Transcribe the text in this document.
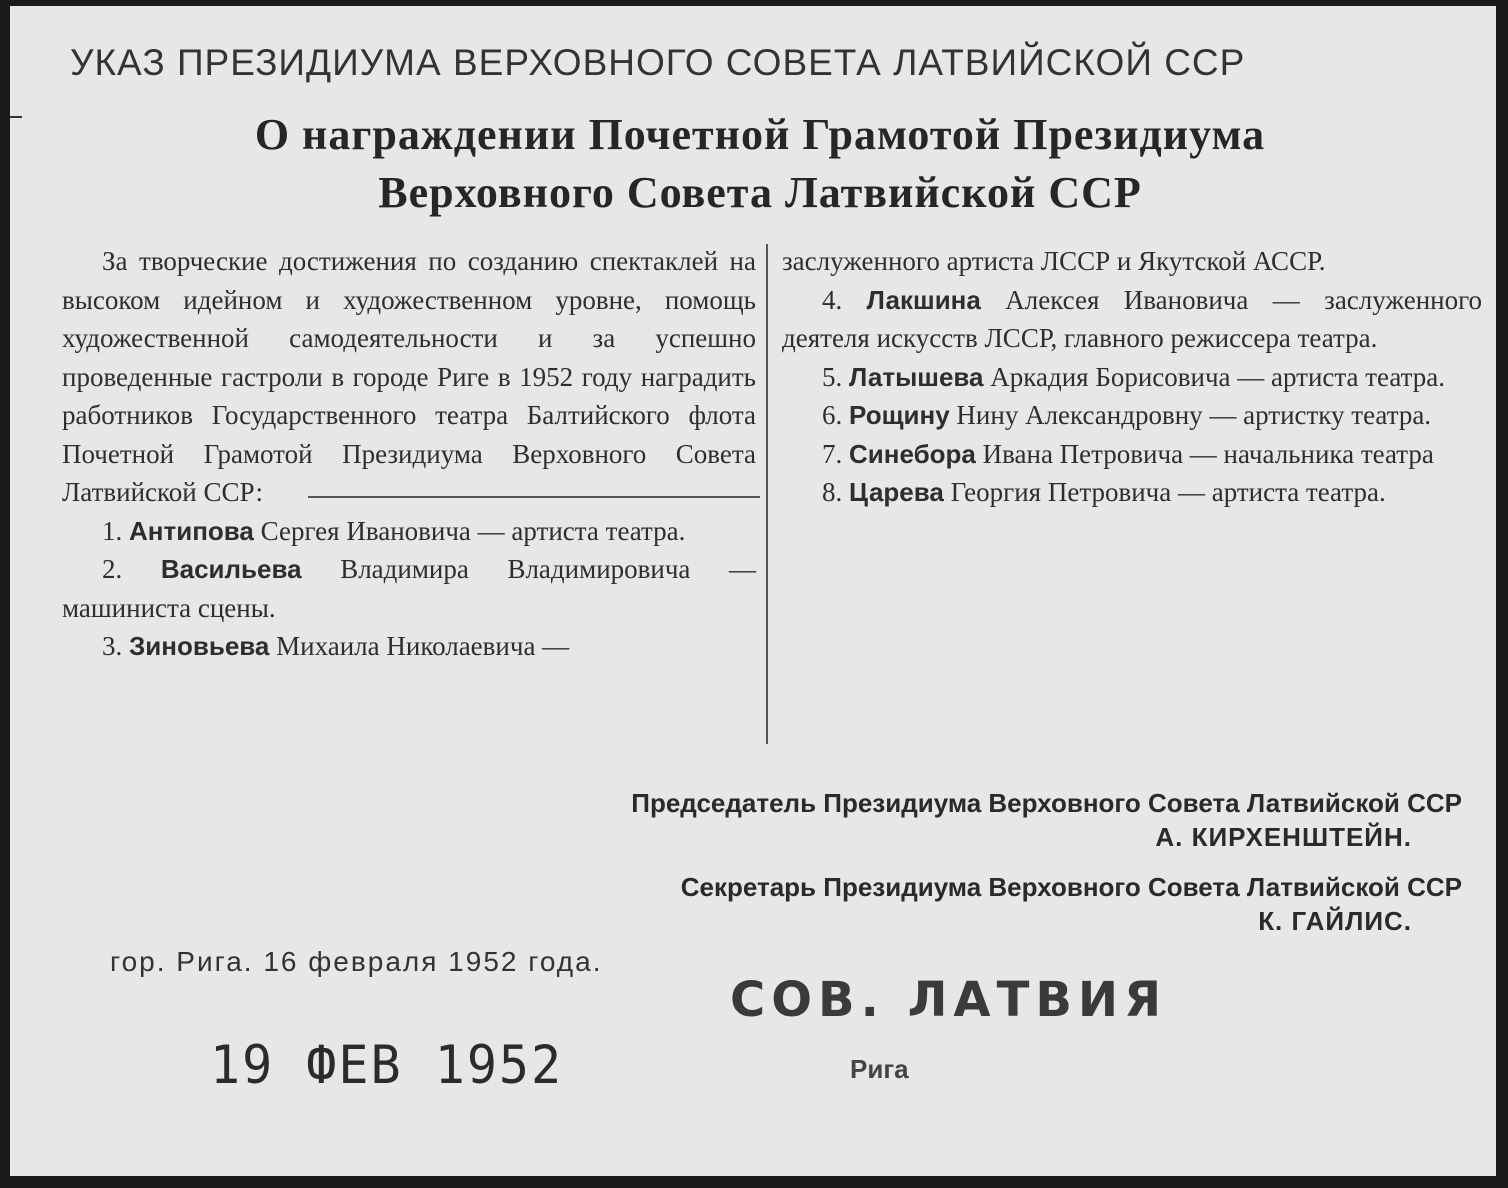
УКАЗ ПРЕЗИДИУМА ВЕРХОВНОГО СОВЕТА ЛАТВИЙСКОЙ ССР
О награждении Почетной Грамотой Президиума
Верховного Совета Латвийской ССР

За творческие достижения по созданию спектаклей на высоком идейном и художественном уровне, помощь художественной самодеятельности и за успешно проведенные гастроли в городе Риге в 1952 году наградить работников Государственного театра Балтийского флота Почетной Грамотой Президиума Верховного Совета Латвийской ССР:

1. Антипова Сергея Ивановича — артиста театра.

2. Васильева Владимира Владимировича — машиниста сцены.

3. Зиновьева Михаила Николаевича —

заслуженного артиста ЛССР и Якутской АССР.

4. Лакшина Алексея Ивановича — заслуженного деятеля искусств ЛССР, главного режиссера театра.

5. Латышева Аркадия Борисовича — артиста театра.

6. Рощину Нину Александровну — артистку театра.

7. Синебора Ивана Петровича — начальника театра

8. Царева Георгия Петровича — артиста театра.

Председатель Президиума Верховного Совета Латвийской ССР
А. КИРХЕНШТЕЙН.
Секретарь Президиума Верховного Совета Латвийской ССР
К. ГАЙЛИС.
гор. Рига. 16 февраля 1952 года.
19 ФЕВ 1952
СОВ. ЛАТВИЯ
Рига
